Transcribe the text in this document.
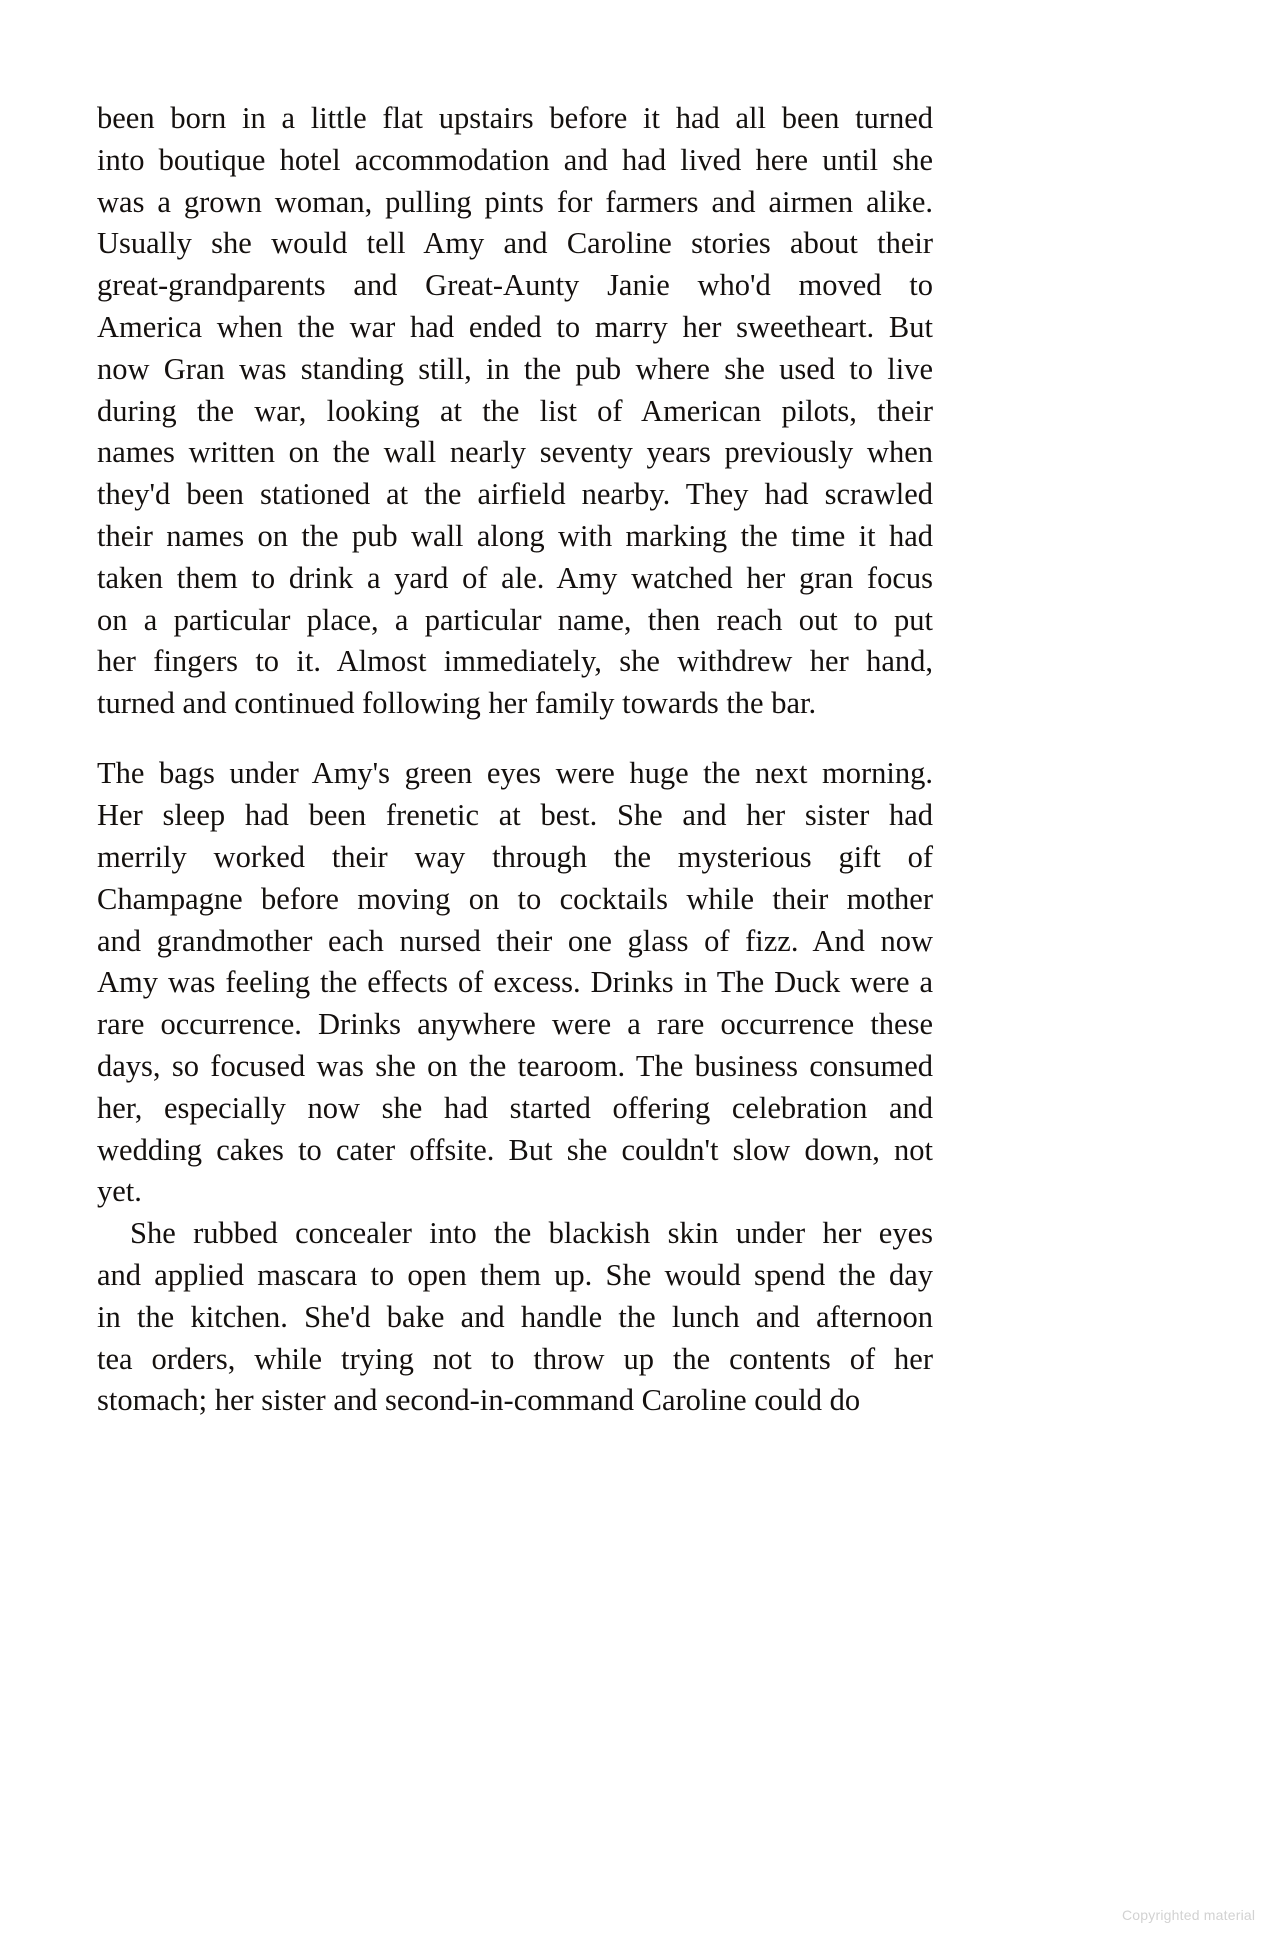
been born in a little flat upstairs before it had all been turned
into boutique hotel accommodation and had lived here until she
was a grown woman, pulling pints for farmers and airmen alike.
Usually she would tell Amy and Caroline stories about their
great-grandparents and Great-Aunty Janie who'd moved to
America when the war had ended to marry her sweetheart. But
now Gran was standing still, in the pub where she used to live
during the war, looking at the list of American pilots, their
names written on the wall nearly seventy years previously when
they'd been stationed at the airfield nearby. They had scrawled
their names on the pub wall along with marking the time it had
taken them to drink a yard of ale. Amy watched her gran focus
on a particular place, a particular name, then reach out to put
her fingers to it. Almost immediately, she withdrew her hand,
turned and continued following her family towards the bar.
The bags under Amy's green eyes were huge the next morning.
Her sleep had been frenetic at best. She and her sister had
merrily worked their way through the mysterious gift of
Champagne before moving on to cocktails while their mother
and grandmother each nursed their one glass of fizz. And now
Amy was feeling the effects of excess. Drinks in The Duck were a
rare occurrence. Drinks anywhere were a rare occurrence these
days, so focused was she on the tearoom. The business consumed
her, especially now she had started offering celebration and
wedding cakes to cater offsite. But she couldn't slow down, not
yet.
She rubbed concealer into the blackish skin under her eyes
and applied mascara to open them up. She would spend the day
in the kitchen. She'd bake and handle the lunch and afternoon
tea orders, while trying not to throw up the contents of her
stomach; her sister and second-in-command Caroline could do
Copyrighted material
